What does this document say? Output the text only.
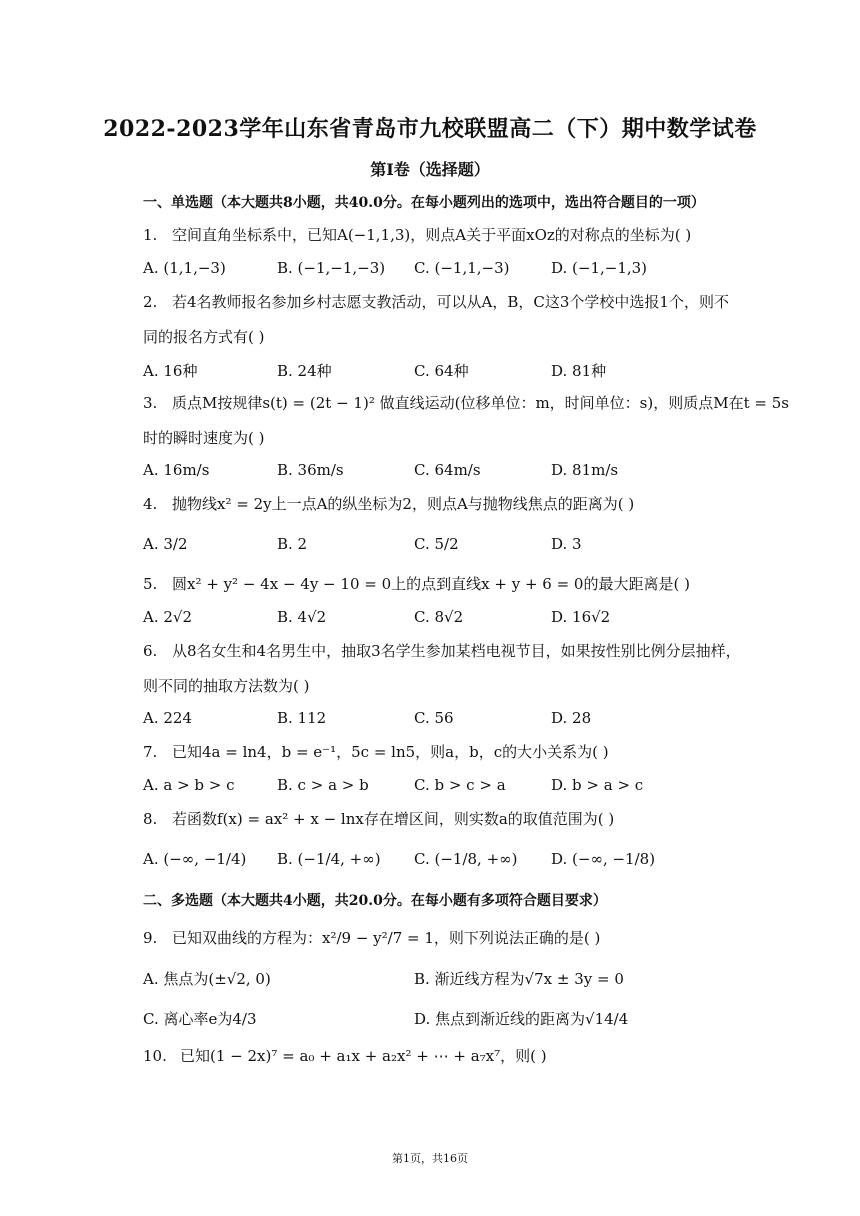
2022-2023学年山东省青岛市九校联盟高二（下）期中数学试卷
第I卷（选择题）
一、单选题（本大题共8小题，共40.0分。在每小题列出的选项中，选出符合题目的一项）
1. 空间直角坐标系中，已知A(−1,1,3)，则点A关于平面xOz的对称点的坐标为( )
A. (1,1,−3)	B. (−1,−1,−3) C. (−1,1,−3)	D. (−1,−1,3)
2. 若4名教师报名参加乡村志愿支教活动，可以从A，B，C这3个学校中选报1个，则不
同的报名方式有( )
A. 16种	B. 24种	C. 64种	D. 81种
3. 质点M按规律s(t) = (2t − 1)² 做直线运动(位移单位：m，时间单位：s)，则质点M在t = 5s
时的瞬时速度为( )
A. 16m/s	B. 36m/s	C. 64m/s	D. 81m/s
4. 抛物线x² = 2y上一点A的纵坐标为2，则点A与抛物线焦点的距离为( )
A. 3/2	B. 2	C. 5/2	D. 3
5. 圆x² + y² − 4x − 4y − 10 = 0上的点到直线x + y + 6 = 0的最大距离是( )
A. 2√2	B. 4√2	C. 8√2	D. 16√2
6. 从8名女生和4名男生中，抽取3名学生参加某档电视节目，如果按性别比例分层抽样，
则不同的抽取方法数为( )
A. 224	B. 112	C. 56	D. 28
7. 已知4a = ln4，b = e⁻¹，5c = ln5，则a，b，c的大小关系为( )
A. a > b > c	B. c > a > b	C. b > c > a	D. b > a > c
8. 若函数f(x) = ax² + x − lnx存在增区间，则实数a的取值范围为( )
A. (−∞, −1/4) B. (−1/4, +∞) C. (−1/8, +∞) D. (−∞, −1/8)
二、多选题（本大题共4小题，共20.0分。在每小题有多项符合题目要求）
9. 已知双曲线的方程为：x²/9 − y²/7 = 1，则下列说法正确的是( )
A. 焦点为(±√2, 0)	B. 渐近线方程为√7x ± 3y = 0
C. 离心率e为4/3	D. 焦点到渐近线的距离为√14/4
10. 已知(1 − 2x)⁷ = a₀ + a₁x + a₂x² + ⋯ + a₇x⁷，则( )
第1页，共16页
